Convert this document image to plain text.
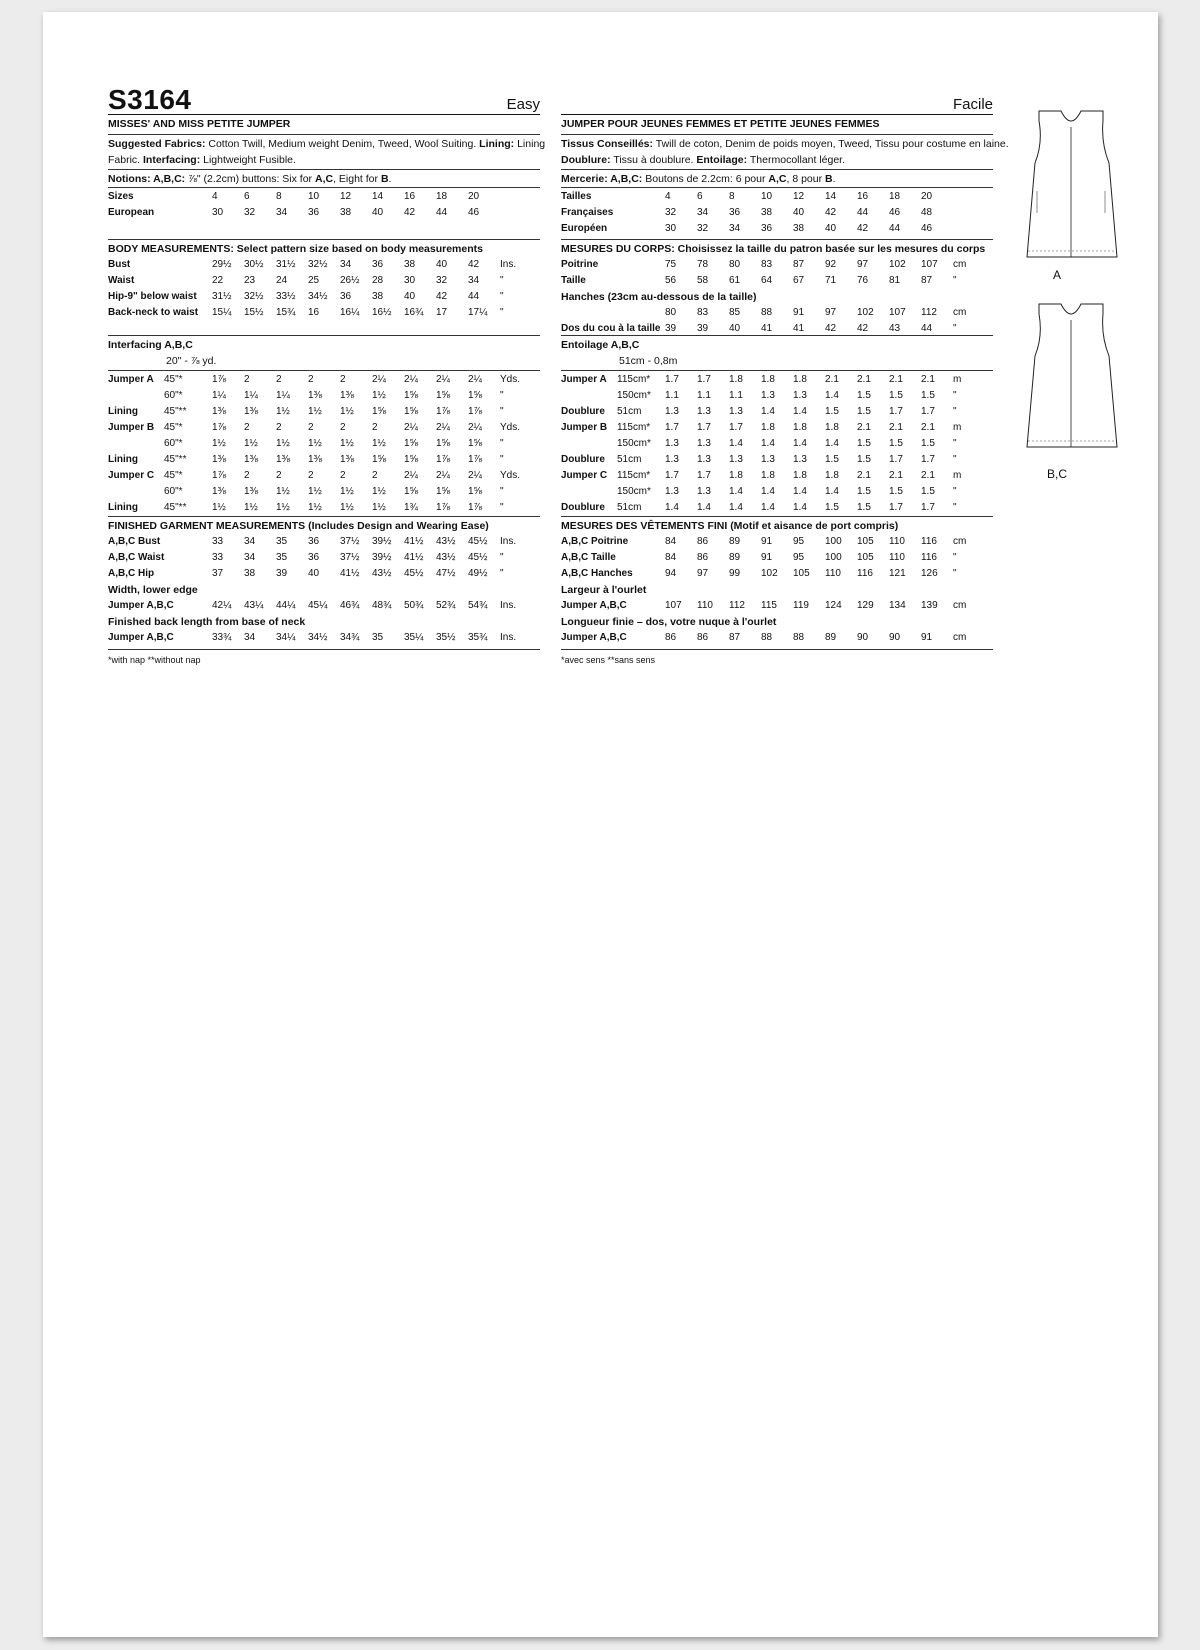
S3164	Easy
MISSES' AND MISS PETITE JUMPER
Suggested Fabrics: Cotton Twill, Medium weight Denim, Tweed, Wool Suiting. Lining: Lining
Fabric. Interfacing: Lightweight Fusible.
Notions: A,B,C: ⅞" (2.2cm) buttons: Six for A,C, Eight for B.
Sizes	4	6	8	10	12	14	16	18	20	
European	30	32	34	36	38	40	42	44	46	
BODY MEASUREMENTS: Select pattern size based on body measurements
Bust	29½	30½	31½	32½	34	36	38	40	42	Ins.
Waist	22	23	24	25	26½	28	30	32	34	"
Hip-9" below waist	31½	32½	33½	34½	36	38	40	42	44	"
Back-neck to waist	15¼	15½	15¾	16	16¼	16½	16¾	17	17¼	"
Interfacing A,B,C
20" - ⅞ yd.
Jumper A	45"*	1⅞	2	2	2	2	2¼	2¼	2¼	2¼	Yds.
	60"*	1¼	1¼	1¼	1⅜	1⅜	1½	1⅝	1⅝	1⅝	"
Lining	45"**	1⅜	1⅜	1½	1½	1½	1⅝	1⅝	1⅞	1⅞	"
Jumper B	45"*	1⅞	2	2	2	2	2	2¼	2¼	2¼	Yds.
	60"*	1½	1½	1½	1½	1½	1½	1⅝	1⅝	1⅝	"
Lining	45"**	1⅜	1⅜	1⅜	1⅜	1⅜	1⅝	1⅝	1⅞	1⅞	"
Jumper C	45"*	1⅞	2	2	2	2	2	2¼	2¼	2¼	Yds.
	60"*	1⅜	1⅜	1½	1½	1½	1½	1⅝	1⅝	1⅝	"
Lining	45"**	1½	1½	1½	1½	1½	1½	1¾	1⅞	1⅞	"
FINISHED GARMENT MEASUREMENTS (Includes Design and Wearing Ease)
A,B,C Bust	33	34	35	36	37½	39½	41½	43½	45½	Ins.
A,B,C Waist	33	34	35	36	37½	39½	41½	43½	45½	"
A,B,C Hip	37	38	39	40	41½	43½	45½	47½	49½	"
Width, lower edge
Jumper A,B,C	42¼	43¼	44¼	45¼	46¾	48¾	50¾	52¾	54¾	Ins.
Finished back length from base of neck
Jumper A,B,C	33¾	34	34¼	34½	34¾	35	35¼	35½	35¾	Ins.
*with nap **without nap
Facile
JUMPER POUR JEUNES FEMMES ET PETITE JEUNES FEMMES
Tissus Conseillés: Twill de coton, Denim de poids moyen, Tweed, Tissu pour costume en laine.
Doublure: Tissu à doublure. Entoilage: Thermocollant léger.
Mercerie: A,B,C: Boutons de 2.2cm: 6 pour A,C, 8 pour B.
Tailles	4	6	8	10	12	14	16	18	20	
Françaises	32	34	36	38	40	42	44	46	48	
Européen	30	32	34	36	38	40	42	44	46	
MESURES DU CORPS: Choisissez la taille du patron basée sur les mesures du corps
Poitrine	75	78	80	83	87	92	97	102	107	cm
Taille	56	58	61	64	67	71	76	81	87	"
Hanches (23cm au-dessous de la taille)
	80	83	85	88	91	97	102	107	112	cm
Dos du cou à la taille	39	39	40	41	41	42	42	43	44	"
Entoilage A,B,C
51cm - 0,8m
Jumper A	115cm*	1.7	1.7	1.8	1.8	1.8	2.1	2.1	2.1	2.1	m
	150cm*	1.1	1.1	1.1	1.3	1.3	1.4	1.5	1.5	1.5	"
Doublure	51cm	1.3	1.3	1.3	1.4	1.4	1.5	1.5	1.7	1.7	"
Jumper B	115cm*	1.7	1.7	1.7	1.8	1.8	1.8	2.1	2.1	2.1	m
	150cm*	1.3	1.3	1.4	1.4	1.4	1.4	1.5	1.5	1.5	"
Doublure	51cm	1.3	1.3	1.3	1.3	1.3	1.5	1.5	1.7	1.7	"
Jumper C	115cm*	1.7	1.7	1.8	1.8	1.8	1.8	2.1	2.1	2.1	m
	150cm*	1.3	1.3	1.4	1.4	1.4	1.4	1.5	1.5	1.5	"
Doublure	51cm	1.4	1.4	1.4	1.4	1.4	1.5	1.5	1.7	1.7	"
MESURES DES VÊTEMENTS FINI (Motif et aisance de port compris)
A,B,C Poitrine	84	86	89	91	95	100	105	110	116	cm
A,B,C Taille	84	86	89	91	95	100	105	110	116	"
A,B,C Hanches	94	97	99	102	105	110	116	121	126	"
Largeur à l'ourlet
Jumper A,B,C	107	110	112	115	119	124	129	134	139	cm
Longueur finie – dos, votre nuque à l'ourlet
Jumper A,B,C	86	86	87	88	88	89	90	90	91	cm
*avec sens **sans sens
A
B,C
